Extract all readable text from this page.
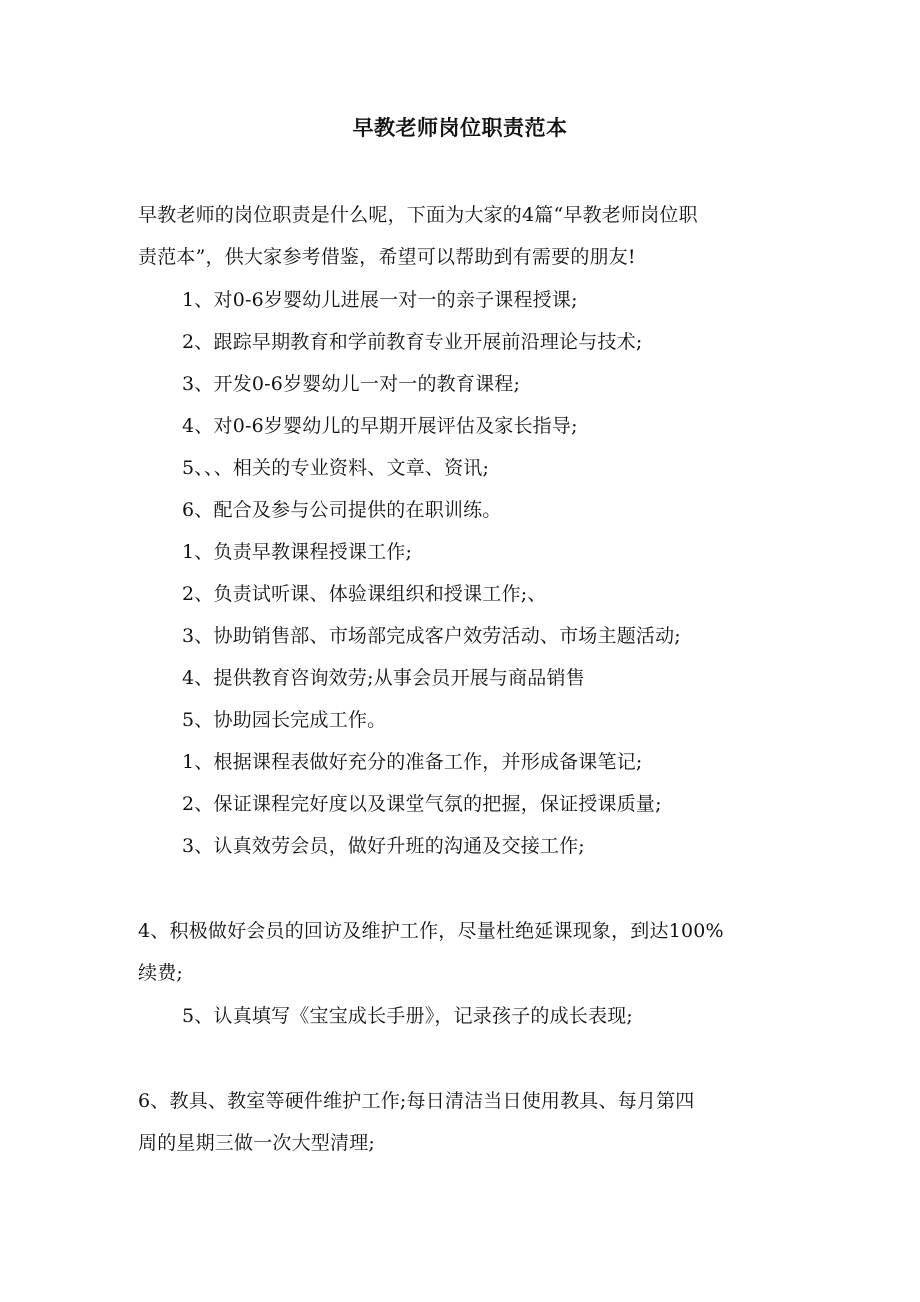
早教老师岗位职责范本
早教老师的岗位职责是什么呢，下面为大家的4篇“早教老师岗位职
责范本”，供大家参考借鉴，希望可以帮助到有需要的朋友!
1、对0-6岁婴幼儿进展一对一的亲子课程授课;
2、跟踪早期教育和学前教育专业开展前沿理论与技术;
3、开发0-6岁婴幼儿一对一的教育课程;
4、对0-6岁婴幼儿的早期开展评估及家长指导;
5、、、相关的专业资料、文章、资讯;
6、配合及参与公司提供的在职训练。
1、负责早教课程授课工作;
2、负责试听课、体验课组织和授课工作;、
3、协助销售部、市场部完成客户效劳活动、市场主题活动;
4、提供教育咨询效劳;从事会员开展与商品销售
5、协助园长完成工作。
1、根据课程表做好充分的准备工作，并形成备课笔记;
2、保证课程完好度以及课堂气氛的把握，保证授课质量;
3、认真效劳会员，做好升班的沟通及交接工作;
4、积极做好会员的回访及维护工作，尽量杜绝延课现象，到达100%
续费;
5、认真填写《宝宝成长手册》，记录孩子的成长表现;
6、教具、教室等硬件维护工作;每日清洁当日使用教具、每月第四
周的星期三做一次大型清理;
